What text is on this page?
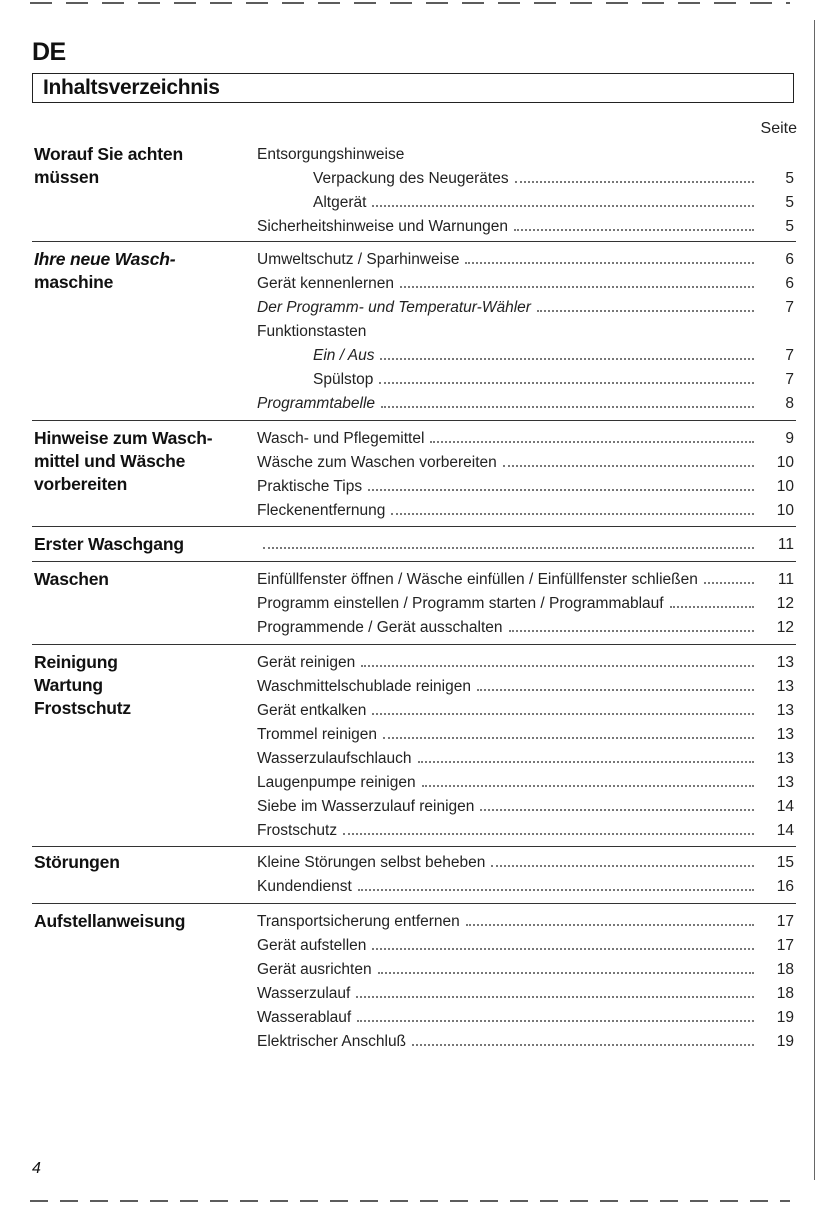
DE
Inhaltsverzeichnis
Seite
Worauf Sie achten
müssen
Entsorgungshinweise
Verpackung des Neugerätes	5
Altgerät	5
Sicherheitshinweise und Warnungen	5
Ihre neue Wasch-
maschine
Umweltschutz / Sparhinweise	6
Gerät kennenlernen	6
Der Programm- und Temperatur-Wähler	7
Funktionstasten
Ein / Aus	7
Spülstop	7
Programmtabelle	8
Hinweise zum Wasch-
mittel und Wäsche
vorbereiten
Wasch- und Pflegemittel	9
Wäsche zum Waschen vorbereiten	10
Praktische Tips	10
Fleckenentfernung	10
Erster Waschgang	11
Waschen	Einfüllfenster öffnen / Wäsche einfüllen / Einfüllfenster schließen	11
Programm einstellen / Programm starten / Programmablauf	12
Programmende / Gerät ausschalten	12
Reinigung
Wartung
Frostschutz
Gerät reinigen	13
Waschmittelschublade reinigen	13
Gerät entkalken	13
Trommel reinigen	13
Wasserzulaufschlauch	13
Laugenpumpe reinigen	13
Siebe im Wasserzulauf reinigen	14
Frostschutz	14
Störungen	Kleine Störungen selbst beheben	15
Kundendienst	16
Aufstellanweisung	Transportsicherung entfernen	17
Gerät aufstellen	17
Gerät ausrichten	18
Wasserzulauf	18
Wasserablauf	19
Elektrischer Anschluß	19
4
